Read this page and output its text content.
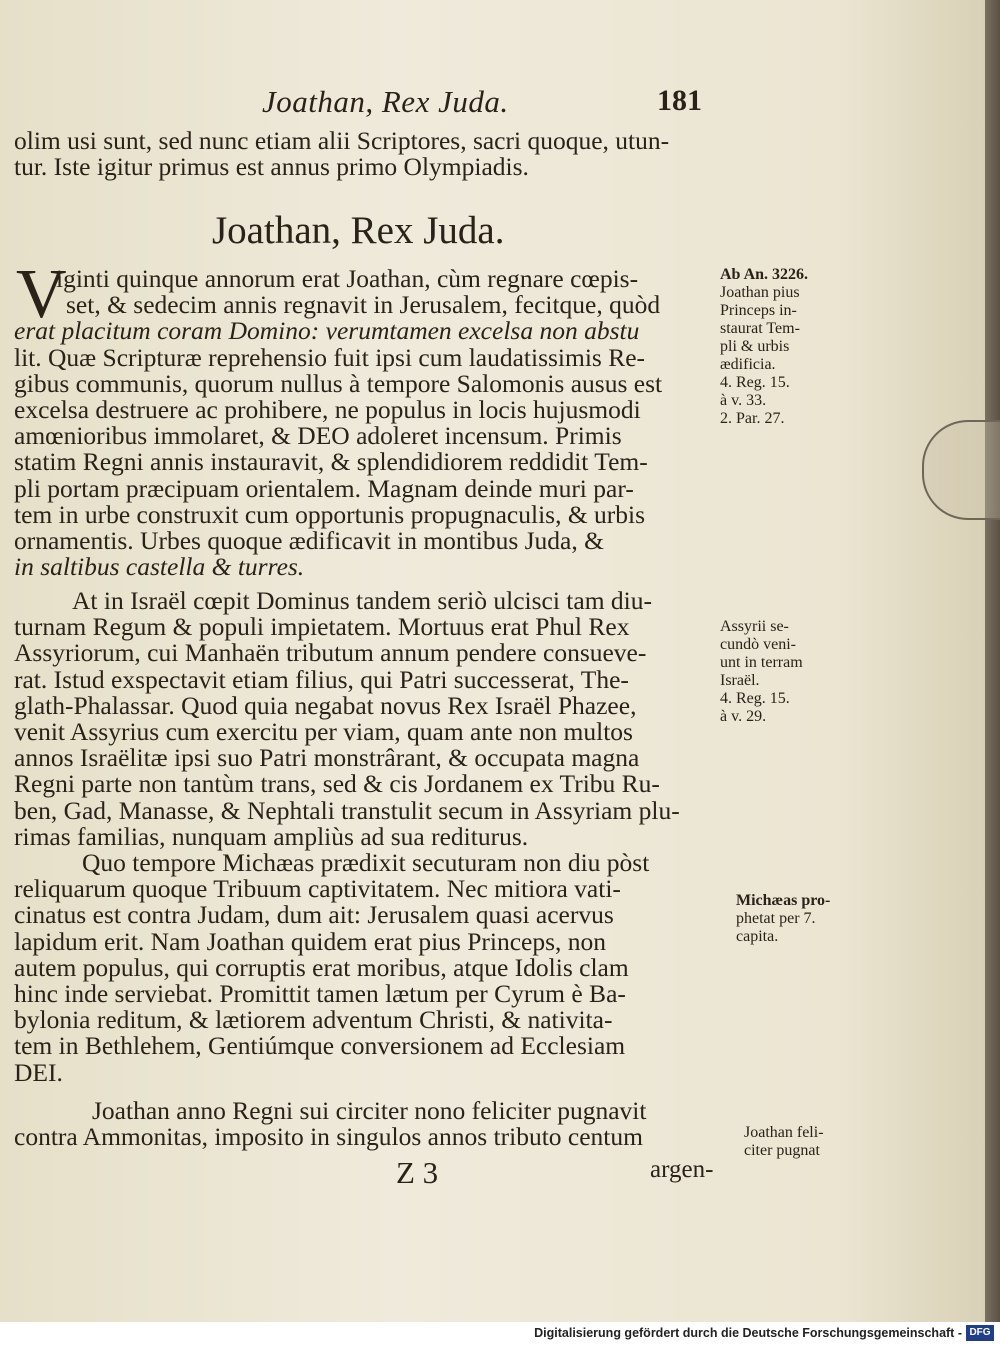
Joathan, Rex Juda.	181
olim usi sunt, sed nunc etiam alii Scriptores, sacri quoque, utun-
tur. Iste igitur primus est annus primo Olympiadis.
Joathan, Rex Juda.
V
iginti quinque annorum erat Joathan, cùm regnare cœpis-
set, & sedecim annis regnavit in Jerusalem, fecitque, quòd
erat placitum coram Domino: verumtamen excelsa non abstu
lit. Quæ Scripturæ reprehensio fuit ipsi cum laudatissimis Re-
gibus communis, quorum nullus à tempore Salomonis ausus est
excelsa destruere ac prohibere, ne populus in locis hujusmodi
amœnioribus immolaret, & DEO adoleret incensum. Primis
statim Regni annis instauravit, & splendidiorem reddidit Tem-
pli portam præcipuam orientalem. Magnam deinde muri par-
tem in urbe construxit cum opportunis propugnaculis, & urbis
ornamentis. Urbes quoque ædificavit in montibus Juda, &
in saltibus castella & turres.
At in Israël cœpit Dominus tandem seriò ulcisci tam diu-
turnam Regum & populi impietatem. Mortuus erat Phul Rex
Assyriorum, cui Manhaën tributum annum pendere consueve-
rat. Istud exspectavit etiam filius, qui Patri successerat, The-
glath-Phalassar. Quod quia negabat novus Rex Israël Phazee,
venit Assyrius cum exercitu per viam, quam ante non multos
annos Israëlitæ ipsi suo Patri monstrârant, & occupata magna
Regni parte non tantùm trans, sed & cis Jordanem ex Tribu Ru-
ben, Gad, Manasse, & Nephtali transtulit secum in Assyriam plu-
rimas familias, nunquam ampliùs ad sua rediturus.
Quo tempore Michæas prædixit secuturam non diu pòst
reliquarum quoque Tribuum captivitatem. Nec mitiora vati-
cinatus est contra Judam, dum ait: Jerusalem quasi acervus
lapidum erit. Nam Joathan quidem erat pius Princeps, non
autem populus, qui corruptis erat moribus, atque Idolis clam
hinc inde serviebat. Promittit tamen lætum per Cyrum è Ba-
bylonia reditum, & lætiorem adventum Christi, & nativita-
tem in Bethlehem, Gentiúmque conversionem ad Ecclesiam
DEI.
Joathan anno Regni sui circiter nono feliciter pugnavit
contra Ammonitas, imposito in singulos annos tributo centum
Z 3	argen-
Ab An. 3226.
Joathan pius
Princeps in-
staurat Tem-
pli & urbis
ædificia.
4. Reg. 15.
à v. 33.
2. Par. 27.
Assyrii se-
cundò veni-
unt in terram
Israël.
4. Reg. 15.
à v. 29.
Michæas pro-
phetat per 7.
capita.
Joathan feli-
citer pugnat
Digitalisierung gefördert durch die Deutsche Forschungsgemeinschaft - DFG
